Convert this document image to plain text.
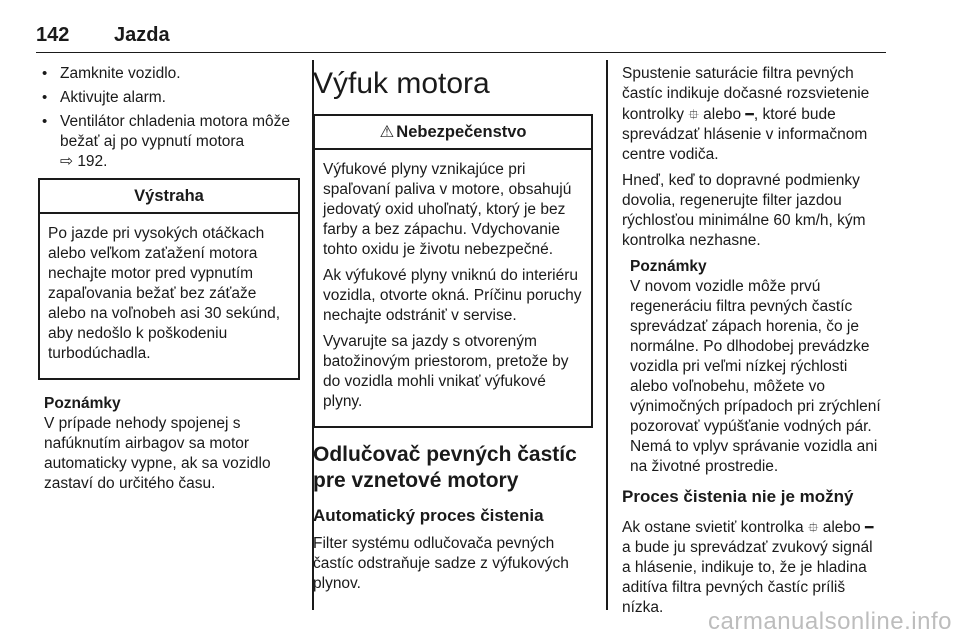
142 Jazda
• Zamknite vozidlo.
• Aktivujte alarm.
• Ventilátor chladenia motora môže bežať aj po vypnutí motora
⇨ 192.
Výstraha

Po jazde pri vysokých otáčkach alebo veľkom zaťažení motora nechajte motor pred vypnutím zapaľovania bežať bez záťaže alebo na voľnobeh asi 30 sekúnd, aby nedošlo k poškodeniu turbodúchadla.

Poznámky
V prípade nehody spojenej s nafúknutím airbagov sa motor automaticky vypne, ak sa vozidlo zastaví do určitého času.
Výfuk motora
⚠ Nebezpečenstvo

Výfukové plyny vznikajúce pri spaľovaní paliva v motore, obsahujú jedovatý oxid uhoľnatý, ktorý je bez farby a bez zápachu. Vdychovanie tohto oxidu je životu nebezpečné.

Ak výfukové plyny vniknú do interiéru vozidla, otvorte okná. Príčinu poruchy nechajte odstrániť v servise.

Vyvarujte sa jazdy s otvoreným batožinovým priestorom, pretože by do vozidla mohli vnikať výfukové plyny.

Odlučovač pevných častíc pre vznetové motory
Automatický proces čistenia

Filter systému odlučovača pevných častíc odstraňuje sadze z výfukových plynov.

Spustenie saturácie filtra pevných častíc indikuje dočasné rozsvietenie kontrolky ⯐ alebo ━, ktoré bude sprevádzať hlásenie v informačnom centre vodiča.

Hneď, keď to dopravné podmienky dovolia, regenerujte filter jazdou rýchlosťou minimálne 60 km/h, kým kontrolka nezhasne.

Poznámky
V novom vozidle môže prvú regeneráciu filtra pevných častíc sprevádzať zápach horenia, čo je normálne. Po dlhodobej prevádzke vozidla pri veľmi nízkej rýchlosti alebo voľnobehu, môžete vo výnimočných prípadoch pri zrýchlení pozorovať vypúšťanie vodných pár. Nemá to vplyv správanie vozidla ani na životné prostredie.
Proces čistenia nie je možný

Ak ostane svietiť kontrolka ⯐ alebo ━ a bude ju sprevádzať zvukový signál a hlásenie, indikuje to, že je hladina aditíva filtra pevných častíc príliš nízka.

carmanualsonline.info
